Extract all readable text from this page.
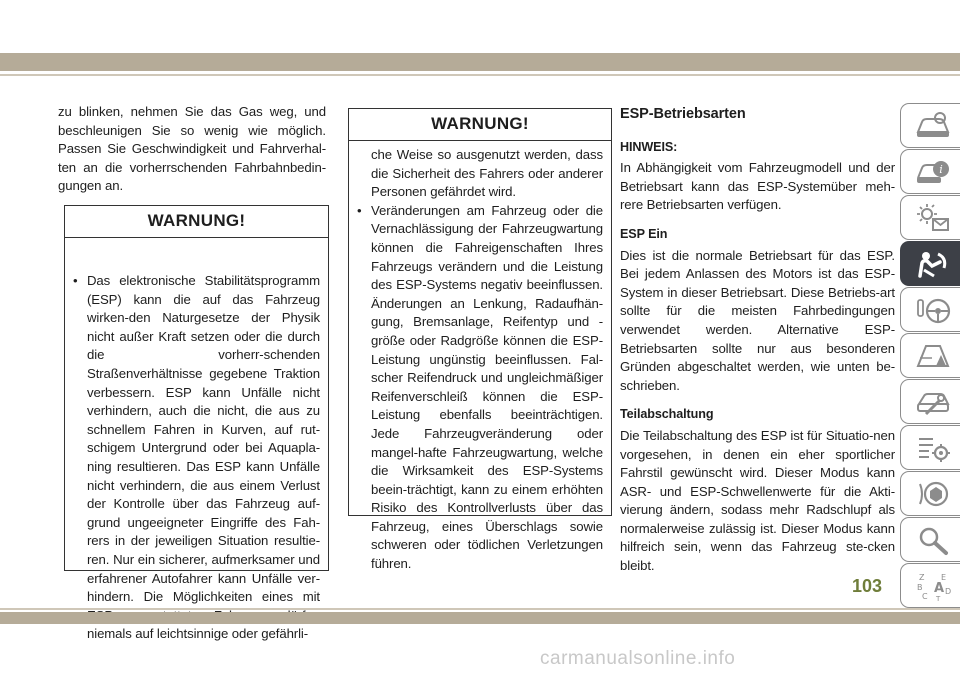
zu blinken, nehmen Sie das Gas weg, und beschleunigen Sie so wenig wie möglich. Passen Sie Geschwindigkeit und Fahrverhal-ten an die vorherrschenden Fahrbahnbedin-gungen an.

WARNUNG!
• Das elektronische Stabilitätsprogramm (ESP) kann die auf das Fahrzeug wirken-den Naturgesetze der Physik nicht außer Kraft setzen oder die durch die vorherr-schenden Straßenverhältnisse gegebene Traktion verbessern. ESP kann Unfälle nicht verhindern, auch die nicht, die aus zu schnellem Fahren in Kurven, auf rut-schigem Untergrund oder bei Aquapla-ning resultieren. Das ESP kann Unfälle nicht verhindern, die aus einem Verlust der Kontrolle über das Fahrzeug auf-grund ungeeigneter Eingriffe des Fah-rers in der jeweiligen Situation resultie-ren. Nur ein sicherer, aufmerksamer und erfahrener Autofahrer kann Unfälle ver-hindern. Die Möglichkeiten eines mit niemals auf leichtsinnige oder gefährli-
WARNUNG!
che Weise so ausgenutzt werden, dass die Sicherheit des Fahrers oder anderer Personen gefährdet wird.
• Veränderungen am Fahrzeug oder die Vernachlässigung der Fahrzeugwartung können die Fahreigenschaften Ihres Fahrzeugs verändern und die Leistung des ESP-Systems negativ beeinflussen. Änderungen an Lenkung, Radaufhän-gung, Bremsanlage, Reifentyp und -größe oder Radgröße können die ESP-Leistung ungünstig beeinflussen. Fal-scher Reifendruck und ungleichmäßiger Reifenverschleiß können die ESP-Leistung ebenfalls beeinträchtigen. Jede Fahrzeugveränderung oder mangel-hafte Fahrzeugwartung, welche die Wirksamkeit des ESP-Systems beein-trächtigt, kann zu einem erhöhten Risiko des Kontrollverlusts über das Fahrzeug, eines Überschlags sowie schweren oder tödlichen Verletzungen führen.
ESP-Betriebsarten
HINWEIS:

In Abhängigkeit vom Fahrzeugmodell und der Betriebsart kann das ESP-Systemüber meh-rere Betriebsarten verfügen.

ESP Ein

Dies ist die normale Betriebsart für das ESP. Bei jedem Anlassen des Motors ist das ESP-System in dieser Betriebsart. Diese Betriebs-art sollte für die meisten Fahrbedingungen verwendet werden. Alternative ESP-Betriebsarten sollte nur aus besonderen Gründen abgeschaltet werden, wie unten be-schrieben.

Teilabschaltung

Die Teilabschaltung des ESP ist für Situatio-nen vorgesehen, in denen ein eher sportlicher Fahrstil gewünscht wird. Dieser Modus kann ASR- und ESP-Schwellenwerte für die Akti-vierung ändern, sodass mehr Radschlupf als normalerweise zulässig ist. Dieser Modus kann hilfreich sein, wenn das Fahrzeug ste-cken bleibt.

i
Z E
B A
C
D
T
103
carmanualsonline.info
